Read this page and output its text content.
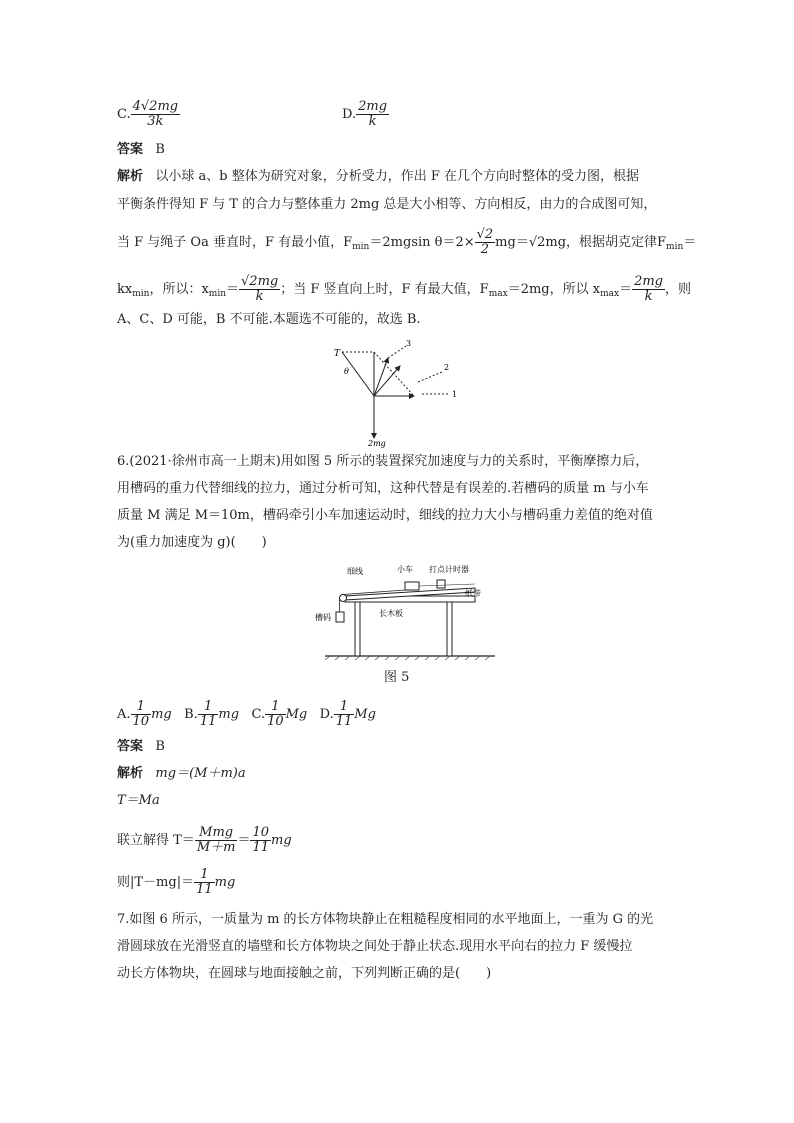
C. $\frac{4√2mg}{3k}$	D. $\frac{2mg}{k}$
答案 B
解析 以小球 a、b 整体为研究对象，分析受力，作出 F 在几个方向时整体的受力图，根据
平衡条件得知 F 与 T 的合力与整体重力 2mg 总是大小相等、方向相反，由力的合成图可知，
当 F 与绳子 Oa 垂直时，F 有最小值，$F_{min}=2mgsin$ $\theta=2\times \frac{√2}{2} mg=√2mg$，根据胡克定律$F_{min}=$
$kx_{min}$，所以：$x_{min}= \frac{√2mg}{k}$ ；当 F 竖直向上时，F 有最大值，$F_{max}=2mg$，所以 $x_{max}= \frac{2mg}{k}$ ，则
A、C、D 可能，B 不可能.本题选不可能的，故选 B.
T
θ
3
2
1
2mg
6.(2021·徐州市高一上期末)用如图 5 所示的装置探究加速度与力的关系时，平衡摩擦力后，
用槽码的重力代替细线的拉力，通过分析可知，这种代替是有误差的.若槽码的质量 m 与小车
质量 M 满足 M＝10m，槽码牵引小车加速运动时，细线的拉力大小与槽码重力差值的绝对值
为(重力加速度为 g)(　　)
细线	小车 打点计时器
纸带
槽码	长木板
图 5
A. $\frac{1}{10}$ mg B. $\frac{1}{11}$ mg C. $\frac{1}{10}$ Mg D. $\frac{1}{11}$ Mg
答案 B
解析 mg＝(M＋m)a
T＝Ma
联立解得 $T= \frac{\text{Mmg}}{M+m} = \frac{10}{11}$ mg
则$|T-mg|= \frac{1}{11}$ mg
7.如图 6 所示，一质量为 m 的长方体物块静止在粗糙程度相同的水平地面上，一重为 G 的光
滑圆球放在光滑竖直的墙壁和长方体物块之间处于静止状态.现用水平向右的拉力 F 缓慢拉
动长方体物块，在圆球与地面接触之前，下列判断正确的是(　　)
